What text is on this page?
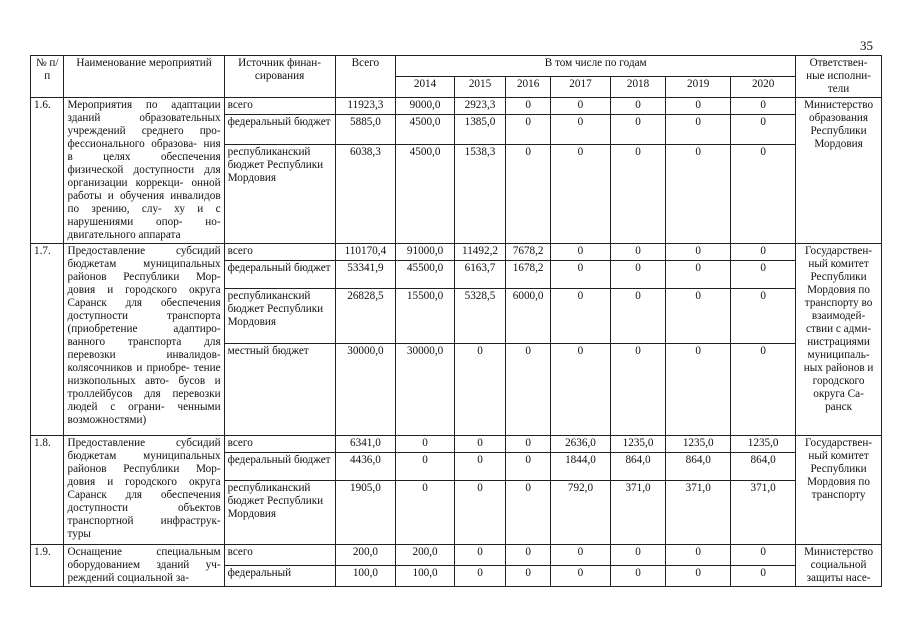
35
№ п/п	Наименование мероприятий	Источник финан- сирования	Всего	В том числе по годам							Ответствен- ные исполни- тели
				2014	2015	2016	2017	2018	2019	2020	
1.6.	Мероприятия по адаптации зданий образовательных учреждений среднего про- фессионального образова- ния в целях обеспечения физической доступности для организации коррекци- онной работы и обучения инвалидов по зрению, слу- ху и с нарушениями опор- но-двигательного аппарата	всего	11923,3	9000,0	2923,3	0	0	0	0	0	Министерство образования Республики Мордовия
		федеральный бюджет	5885,0	4500,0	1385,0	0	0	0	0	0	
		республиканский бюджет Республики Мордовия	6038,3	4500,0	1538,3	0	0	0	0	0	
1.7.	Предоставление субсидий бюджетам муниципальных районов Республики Мор- довия и городского округа Саранск для обеспечения доступности транспорта (приобретение адаптиро- ванного транспорта для перевозки инвалидов- колясочников и приобре- тение низкопольных авто- бусов и троллейбусов для перевозки людей с ограни- ченными возможностями)	всего	110170,4	91000,0	11492,2	7678,2	0	0	0	0	Государствен- ный комитет Республики Мордовия по транспорту во взаимодей- ствии с адми- нистрациями муниципаль- ных районов и городского округа Са- ранск
		федеральный бюджет	53341,9	45500,0	6163,7	1678,2	0	0	0	0	
		республиканский бюджет Республики Мордовия	26828,5	15500,0	5328,5	6000,0	0	0	0	0	
		местный бюджет	30000,0	30000,0	0	0	0	0	0	0	
1.8.	Предоставление субсидий бюджетам муниципальных районов Республики Мор- довия и городского округа Саранск для обеспечения доступности объектов транспортной инфраструк- туры	всего	6341,0	0	0	0	2636,0	1235,0	1235,0	1235,0	Государствен- ный комитет Республики Мордовия по транспорту
		федеральный бюджет	4436,0	0	0	0	1844,0	864,0	864,0	864,0	
		республиканский бюджет Республики Мордовия	1905,0	0	0	0	792,0	371,0	371,0	371,0	
1.9.	Оснащение специальным оборудованием зданий уч- реждений социальной за-	всего	200,0	200,0	0	0	0	0	0	0	Министерство социальной защиты насе-
		федеральный	100,0	100,0	0	0	0	0	0	0	
